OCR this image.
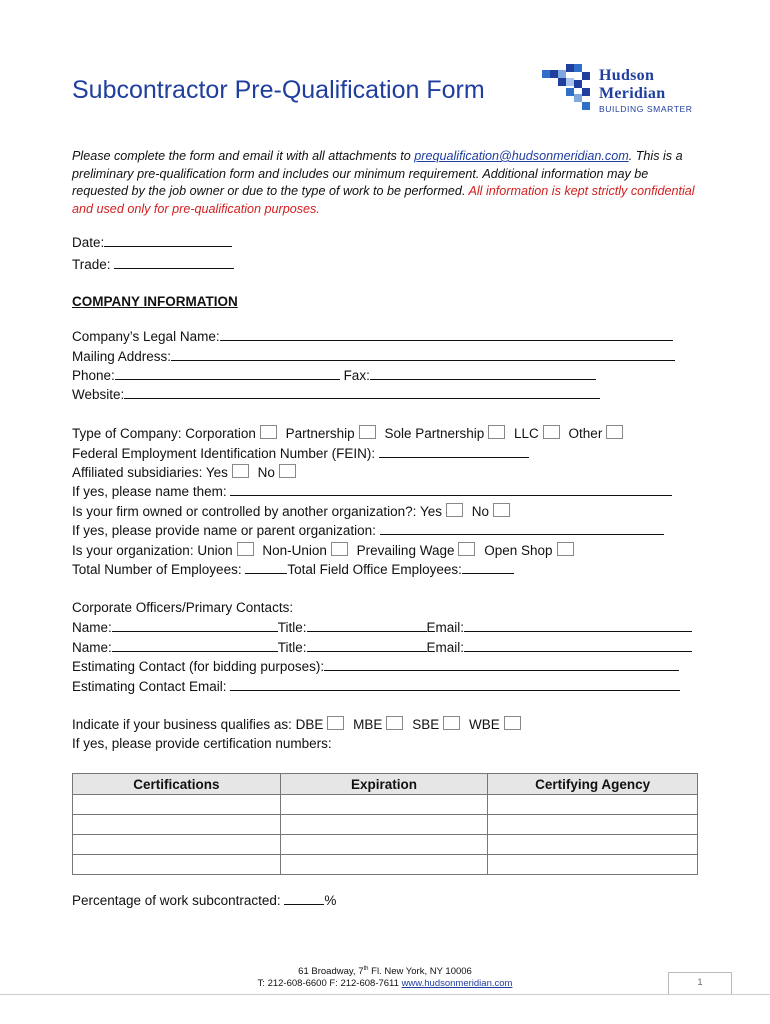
Subcontractor Pre-Qualification Form
Hudson
Meridian
BUILDING SMARTER
Please complete the form and email it with all attachments to prequalification@hudsonmeridian.com. This is a preliminary pre-qualification form and includes our minimum requirement. Additional information may be requested by the job owner or due to the type of work to be performed. All information is kept strictly confidential and used only for pre-qualification purposes.
Date:
Trade:
COMPANY INFORMATION
Company’s Legal Name:
Mailing Address:
Phone:	Fax:
Website:
Type of Company: Corporation Partnership Sole Partnership LLC Other
Federal Employment Identification Number (FEIN):
Affiliated subsidiaries: Yes No
If yes, please name them:
Is your firm owned or controlled by another organization?: Yes No
If yes, please provide name or parent organization:
Is your organization: Union Non-Union Prevailing Wage Open Shop
Total Number of Employees:	Total Field Office Employees:
Corporate Officers/Primary Contacts:
Name:	Title:	Email:
Name:	Title:	Email:
Estimating Contact (for bidding purposes):
Estimating Contact Email:
Indicate if your business qualifies as: DBE MBE SBE WBE
If yes, please provide certification numbers:
Certifications	Expiration	Certifying Agency

Percentage of work subcontracted:	%
61 Broadway, 7th Fl. New York, NY 10006
T: 212-608-6600 F: 212-608-7611 www.hudsonmeridian.com	1
